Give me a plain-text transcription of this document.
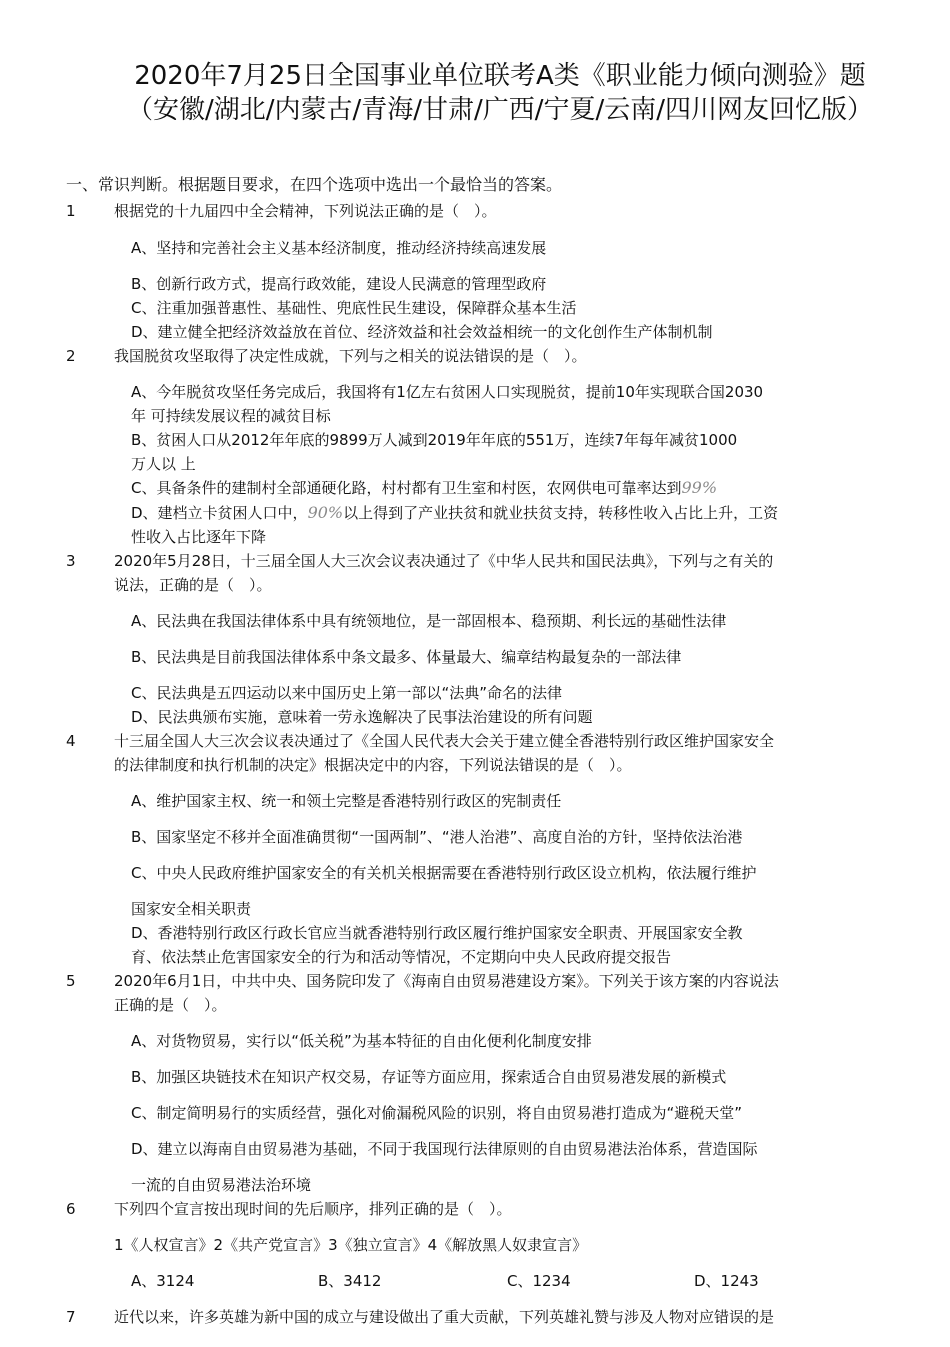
2020年7月25日全国事业单位联考A类《职业能力倾向测验》题
（安徽/湖北/内蒙古/青海/甘肃/广西/宁夏/云南/四川网友回忆版）
一、常识判断。根据题目要求，在四个选项中选出一个最恰当的答案。
1	根据党的十九届四中全会精神，下列说法正确的是（　）。
A、坚持和完善社会主义基本经济制度，推动经济持续高速发展
B、创新行政方式，提高行政效能，建设人民满意的管理型政府
C、注重加强普惠性、基础性、兜底性民生建设，保障群众基本生活
D、建立健全把经济效益放在首位、经济效益和社会效益相统一的文化创作生产体制机制
2	我国脱贫攻坚取得了决定性成就，下列与之相关的说法错误的是（　）。
A、今年脱贫攻坚任务完成后，我国将有1亿左右贫困人口实现脱贫，提前10年实现联合国2030
年 可持续发展议程的减贫目标
B、贫困人口从2012年年底的9899万人减到2019年年底的551万，连续7年每年减贫1000
万人以 上
C、具备条件的建制村全部通硬化路，村村都有卫生室和村医，农网供电可靠率达到99%
D、建档立卡贫困人口中，90%以上得到了产业扶贫和就业扶贫支持，转移性收入占比上升，工资
性收入占比逐年下降
3	2020年5月28日，十三届全国人大三次会议表决通过了《中华人民共和国民法典》，下列与之有关的
说法，正确的是（　）。
A、民法典在我国法律体系中具有统领地位，是一部固根本、稳预期、利长远的基础性法律
B、民法典是目前我国法律体系中条文最多、体量最大、编章结构最复杂的一部法律
C、民法典是五四运动以来中国历史上第一部以“法典”命名的法律
D、民法典颁布实施，意味着一劳永逸解决了民事法治建设的所有问题
4	十三届全国人大三次会议表决通过了《全国人民代表大会关于建立健全香港特别行政区维护国家安全
的法律制度和执行机制的决定》根据决定中的内容，下列说法错误的是（　）。
A、维护国家主权、统一和领土完整是香港特别行政区的宪制责任
B、国家坚定不移并全面准确贯彻“一国两制”、“港人治港”、高度自治的方针，坚持依法治港
C、中央人民政府维护国家安全的有关机关根据需要在香港特别行政区设立机构，依法履行维护
国家安全相关职责
D、香港特别行政区行政长官应当就香港特别行政区履行维护国家安全职责、开展国家安全教
育、依法禁止危害国家安全的行为和活动等情况，不定期向中央人民政府提交报告
5	2020年6月1日，中共中央、国务院印发了《海南自由贸易港建设方案》。下列关于该方案的内容说法
正确的是（　）。
A、对货物贸易，实行以“低关税”为基本特征的自由化便利化制度安排
B、加强区块链技术在知识产权交易，存证等方面应用，探索适合自由贸易港发展的新模式
C、制定简明易行的实质经营，强化对偷漏税风险的识别，将自由贸易港打造成为“避税天堂”
D、建立以海南自由贸易港为基础，不同于我国现行法律原则的自由贸易港法治体系，营造国际
一流的自由贸易港法治环境
6	下列四个宣言按出现时间的先后顺序，排列正确的是（　）。
1《人权宣言》2《共产党宣言》3《独立宣言》4《解放黑人奴隶宣言》
A、3124	B、3412	C、1234	D、1243
7	近代以来，许多英雄为新中国的成立与建设做出了重大贡献，下列英雄礼赞与涉及人物对应错误的是
